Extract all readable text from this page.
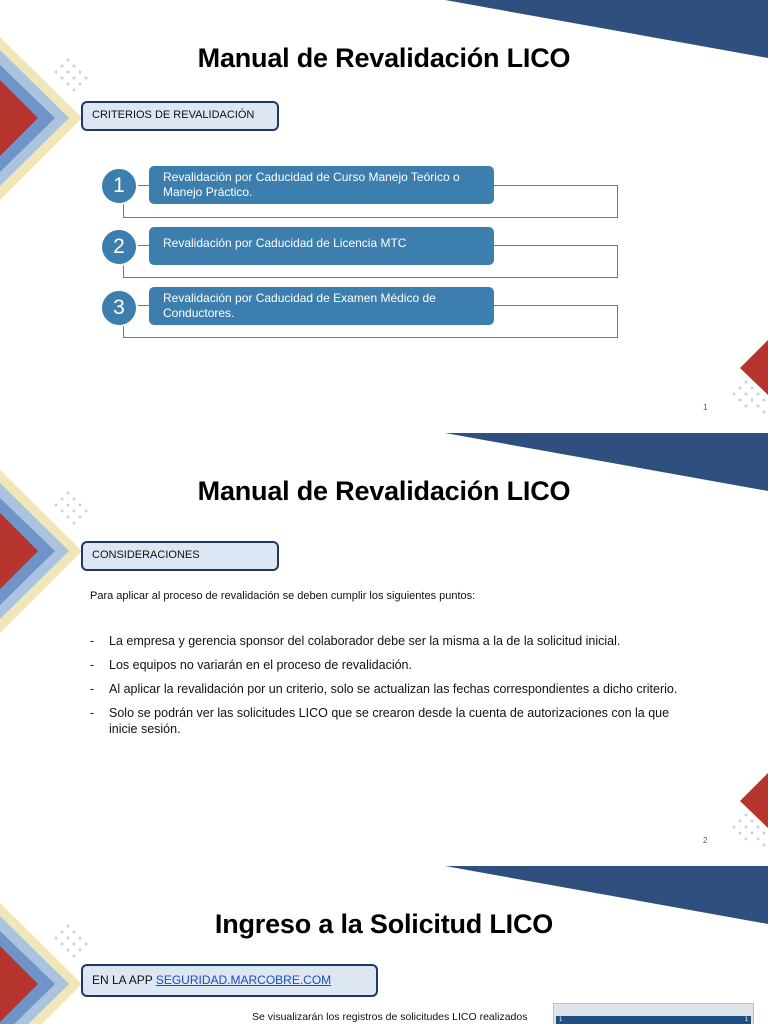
Manual de Revalidación LICO
CRITERIOS DE REVALIDACIÓN
Revalidación por Caducidad de Curso Manejo Teórico o Manejo Práctico.
1
Revalidación por Caducidad de Licencia MTC
2
Revalidación por Caducidad de Examen Médico de Conductores.
3
1
Manual de Revalidación LICO
CONSIDERACIONES
Para aplicar al proceso de revalidación se deben cumplir los siguientes puntos:
- La empresa y gerencia sponsor del colaborador debe ser la misma a la de la solicitud inicial.
- Los equipos no variarán en el proceso de revalidación.
- Al aplicar la revalidación por un criterio, solo se actualizan las fechas correspondientes a dicho criterio.
- Solo se podrán ver las solicitudes LICO que se crearon desde la cuenta de autorizaciones con la que inicie sesión.
2
Ingreso a la Solicitud LICO
EN LA APP SEGURIDAD.MARCOBRE.COM
Se visualizarán los registros de solicitudes LICO realizados	1	1
